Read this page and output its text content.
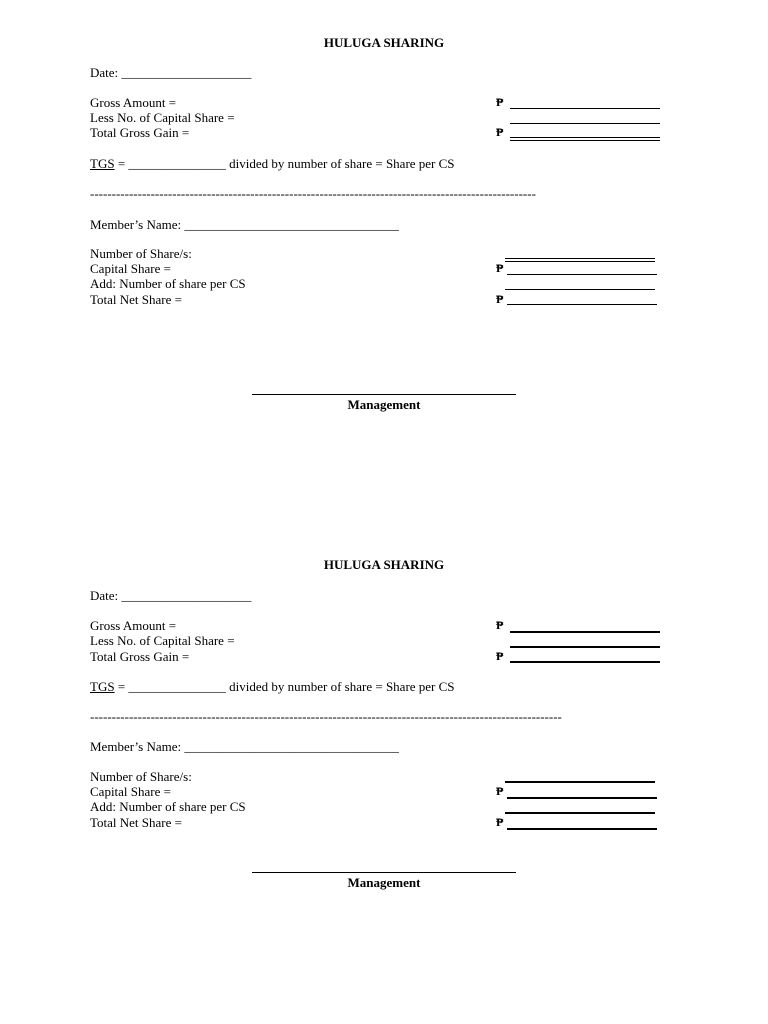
HULUGA SHARING
Date: ____________________
Gross Amount =
Less No. of Capital Share =
Total Gross Gain =
₱
₱
TGS = _______________ divided by number of share = Share per CS
-------------------------------------------------------------------------------------------------------
Member’s Name: _________________________________
Number of Share/s:
Capital Share =
Add: Number of share per CS
Total Net Share =
₱
₱
Management
HULUGA SHARING
Date: ____________________
Gross Amount =
Less No. of Capital Share =
Total Gross Gain =
₱
₱
TGS = _______________ divided by number of share = Share per CS
-------------------------------------------------------------------------------------------------------------
Member’s Name: _________________________________
Number of Share/s:
Capital Share =
Add: Number of share per CS
Total Net Share =
₱
₱
Management
